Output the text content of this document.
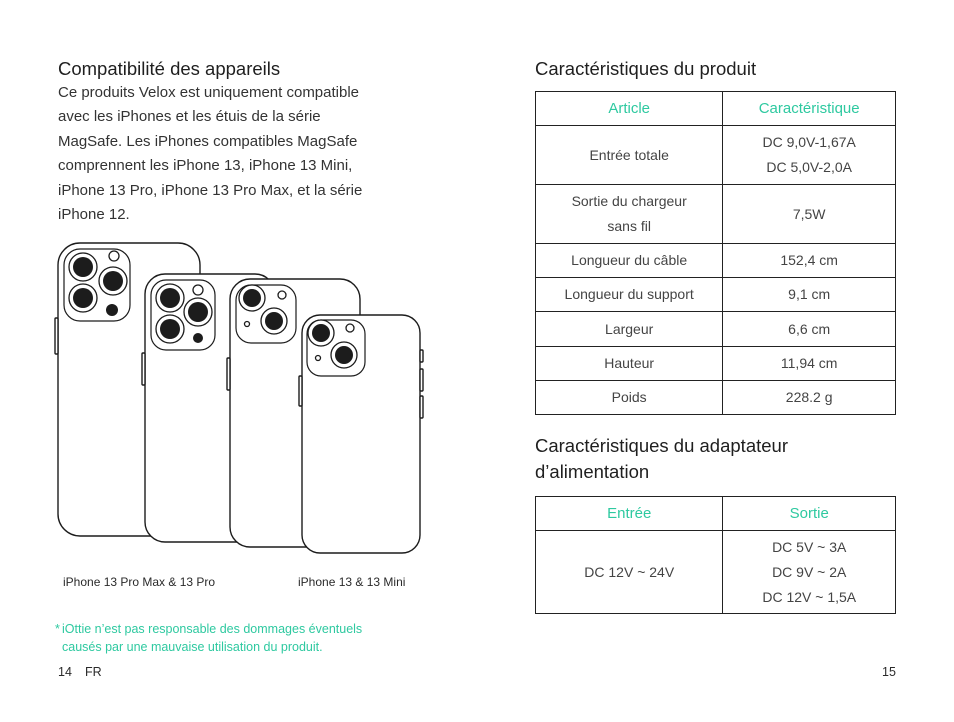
Compatibilité des appareils
Ce produits Velox est uniquement compatible
avec les iPhones et les étuis de la série
MagSafe. Les iPhones compatibles MagSafe
comprennent les iPhone 13, iPhone 13 Mini,
iPhone 13 Pro, iPhone 13 Pro Max, et la série
iPhone 12.
iPhone 13 Pro Max & 13 Pro	iPhone 13 & 13 Mini
* iOttie n’est pas responsable des dommages éventuels
causés par une mauvaise utilisation du produit.
14 FR
Caractéristiques du produit
Article	Caractéristique
Entrée totale	DC 9,0V-1,67A
DC 5,0V-2,0A
Sortie du chargeur
sans fil	7,5W
Longueur du câble	152,4 cm
Longueur du support	9,1 cm
Largeur	6,6 cm
Hauteur	11,94 cm
Poids	228.2 g
Caractéristiques du adaptateur
d’alimentation
Entrée	Sortie
DC 12V ~ 24V	DC 5V ~ 3A
DC 9V ~ 2A
DC 12V ~ 1,5A
15
